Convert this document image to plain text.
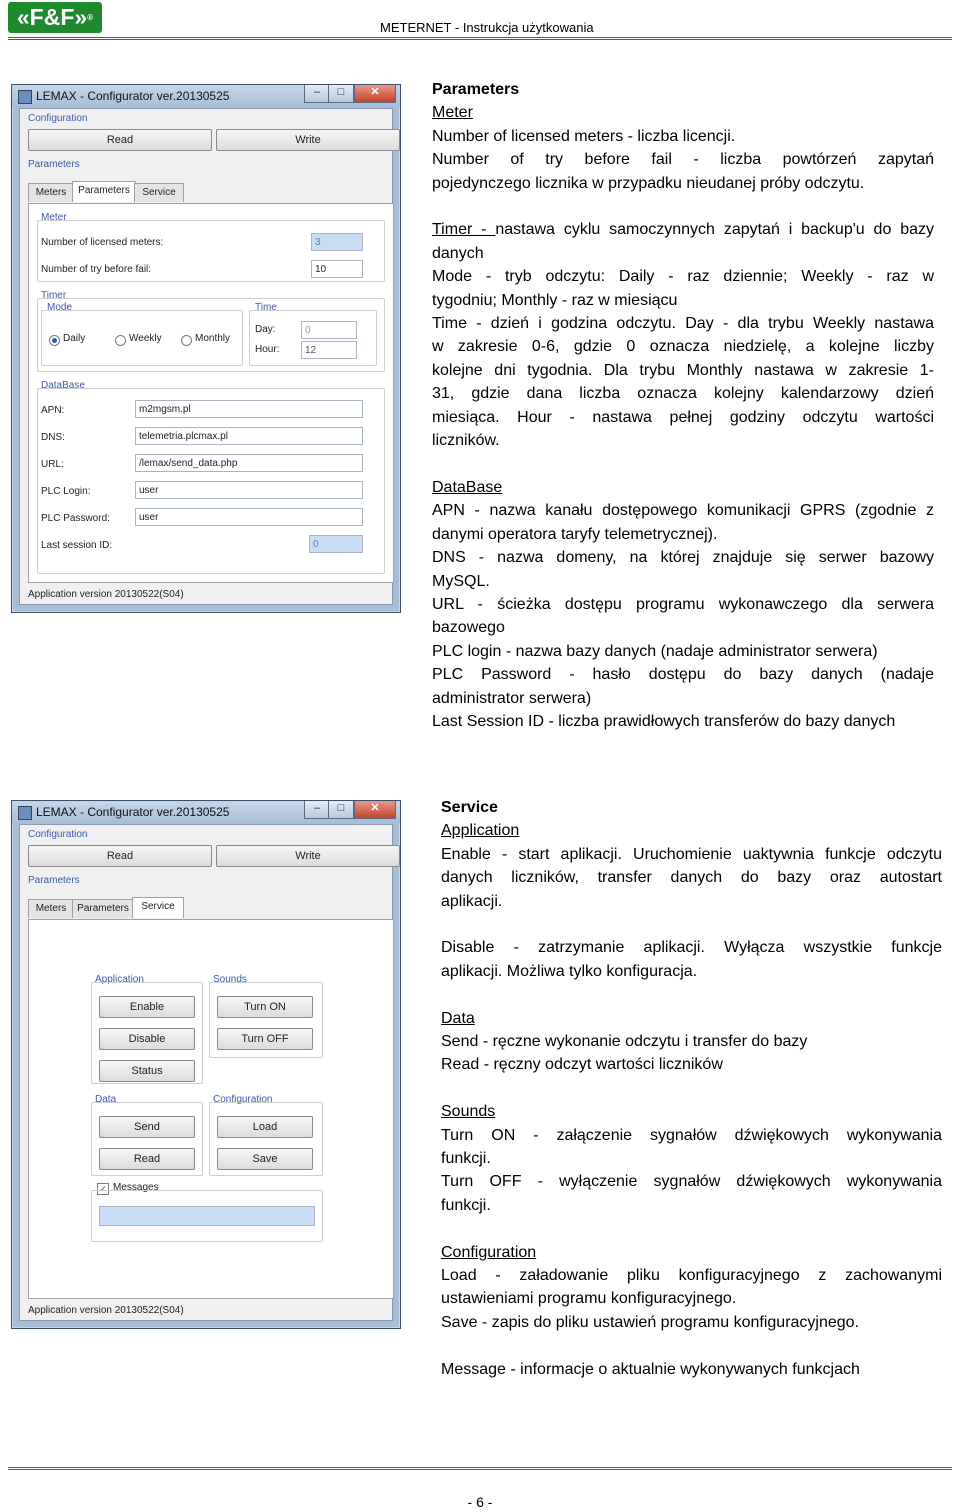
«F&F»®
METERNET - Instrukcja użytkowania
LEMAX - Configurator ver.20130525	–	□	✕
Configuration
Read	Write
Parameters
Meters	Parameters	Service
Meter
Number of licensed meters:	3
Number of try before fail:	10
Timer
Mode
Daily	Weekly	Monthly
Time
Day:	0
Hour:	12
DataBase
APN:	m2mgsm.pl
DNS:	telemetria.plcmax.pl
URL:	/lemax/send_data.php
PLC Login:	user
PLC Password:	user
Last session ID:	0
Application version 20130522(S04)

Parameters

Meter

Number of licensed meters - liczba licencji.

Number of try before fail - liczba powtórzeń zapytań

pojedynczego licznika w przypadku nieudanej próby odczytu.

Timer - nastawa cyklu samoczynnych zapytań i backup'u do bazy

danych

Mode - tryb odczytu: Daily - raz dziennie; Weekly - raz w

tygodniu; Monthly - raz w miesiącu

Time - dzień i godzina odczytu. Day - dla trybu Weekly nastawa

w zakresie 0-6, gdzie 0 oznacza niedzielę, a kolejne liczby

kolejne dni tygodnia. Dla trybu Monthly nastawa w zakresie 1-

31, gdzie dana liczba oznacza kolejny kalendarzowy dzień

miesiąca. Hour - nastawa pełnej godziny odczytu wartości

liczników.

DataBase

APN - nazwa kanału dostępowego komunikacji GPRS (zgodnie z

danymi operatora taryfy telemetrycznej).

DNS - nazwa domeny, na której znajduje się serwer bazowy

MySQL.

URL - ścieżka dostępu programu wykonawczego dla serwera

bazowego

PLC login - nazwa bazy danych (nadaje administrator serwera)

PLC Password - hasło dostępu do bazy danych (nadaje

administrator serwera)

Last Session ID - liczba prawidłowych transferów do bazy danych

LEMAX - Configurator ver.20130525	–	□	✕
Configuration
Read	Write
Parameters
Meters	Parameters	Service
Application
Enable
Disable
Status
Sounds
Turn ON
Turn OFF
Data
Send
Read
Configuration
Load
Save
✓ Messages
Application version 20130522(S04)

Service

Application

Enable - start aplikacji. Uruchomienie uaktywnia funkcje odczytu

danych liczników, transfer danych do bazy oraz autostart

aplikacji.

Disable - zatrzymanie aplikacji. Wyłącza wszystkie funkcje

aplikacji. Możliwa tylko konfiguracja.

Data

Send - ręczne wykonanie odczytu i transfer do bazy

Read - ręczny odczyt wartości liczników

Sounds

Turn ON - załączenie sygnałów dźwiękowych wykonywania

funkcji.

Turn OFF - wyłączenie sygnałów dźwiękowych wykonywania

funkcji.

Configuration

Load - załadowanie pliku konfiguracyjnego z zachowanymi

ustawieniami programu konfiguracyjnego.

Save - zapis do pliku ustawień programu konfiguracyjnego.

Message - informacje o aktualnie wykonywanych funkcjach

- 6 -
